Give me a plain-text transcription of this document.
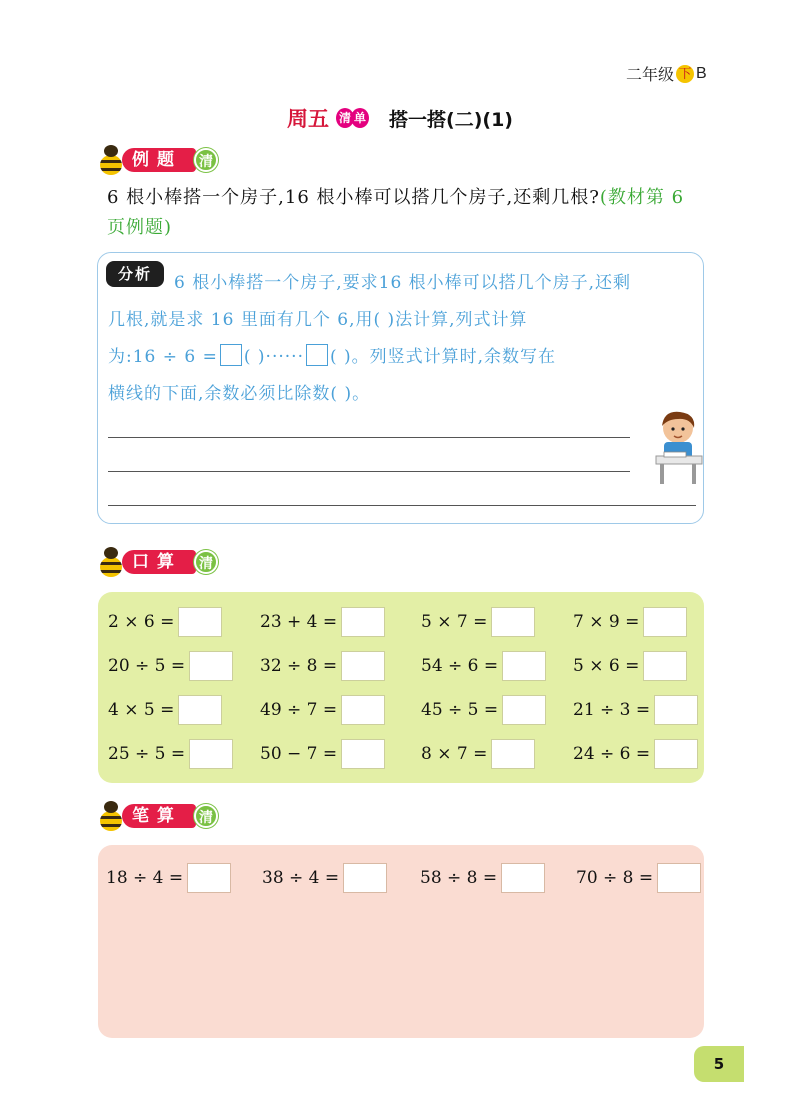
二年级 下 B
周五 清 单 搭一搭(二)(1)
例题	清
6 根小棒搭一个房子,16 根小棒可以搭几个房子,还剩几根?(教材第 6 页例题)
分析	6 根小棒搭一个房子,要求16 根小棒可以搭几个房子,还剩
几根,就是求 16 里面有几个 6,用( )法计算,列式计算
为:16 ÷ 6 = ( )······ ( )。列竖式计算时,余数写在
横线的下面,余数必须比除数( )。
口算	清
2 × 6 =	23 + 4 =	5 × 7 =	7 × 9 =
20 ÷ 5 =	32 ÷ 8 =	54 ÷ 6 =	5 × 6 =
4 × 5 =	49 ÷ 7 =	45 ÷ 5 =	21 ÷ 3 =
25 ÷ 5 =	50 − 7 =	8 × 7 =	24 ÷ 6 =
笔算	清
18 ÷ 4 =	38 ÷ 4 =	58 ÷ 8 =	70 ÷ 8 =
5
